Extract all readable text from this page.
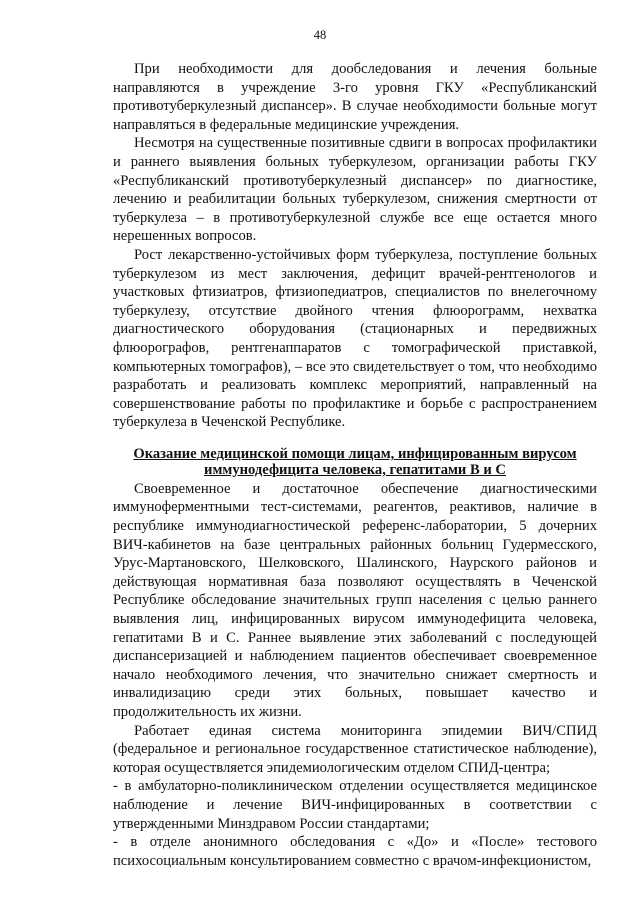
48

При необходимости для дообследования и лечения больные направляются в учреждение 3-го уровня ГКУ «Республиканский противотуберкулезный диспансер». В случае необходимости больные могут направляться в федеральные медицинские учреждения.

Несмотря на существенные позитивные сдвиги в вопросах профилактики и раннего выявления больных туберкулезом, организации работы ГКУ «Республиканский противотуберкулезный диспансер» по диагностике, лечению и реабилитации больных туберкулезом, снижения смертности от туберкулеза – в противотуберкулезной службе все еще остается много нерешенных вопросов.

Рост лекарственно-устойчивых форм туберкулеза, поступление больных туберкулезом из мест заключения, дефицит врачей-рентгенологов и участковых фтизиатров, фтизиопедиатров, специалистов по внелегочному туберкулезу, отсутствие двойного чтения флюорограмм, нехватка диагностического оборудования (стационарных и передвижных флюорографов, рентгенаппаратов с томографической приставкой, компьютерных томографов), – все это свидетельствует о том, что необходимо разработать и реализовать комплекс мероприятий, направленный на совершенствование работы по профилактике и борьбе с распространением туберкулеза в Чеченской Республике.

Оказание медицинской помощи лицам, инфицированным вирусом иммунодефицита человека, гепатитами B и C

Своевременное и достаточное обеспечение диагностическими иммуноферментными тест-системами, реагентов, реактивов, наличие в республике иммунодиагностической референс-лаборатории, 5 дочерних ВИЧ-кабинетов на базе центральных районных больниц Гудермесского, Урус-Мартановского, Шелковского, Шалинского, Наурского районов и действующая нормативная база позволяют осуществлять в Чеченской Республике обследование значительных групп населения с целью раннего выявления лиц, инфицированных вирусом иммунодефицита человека, гепатитами B и C. Раннее выявление этих заболеваний с последующей диспансеризацией и наблюдением пациентов обеспечивает своевременное начало необходимого лечения, что значительно снижает смертность и инвалидизацию среди этих больных, повышает качество и продолжительность их жизни.

Работает единая система мониторинга эпидемии ВИЧ/СПИД (федеральное и региональное государственное статистическое наблюдение), которая осуществляется эпидемиологическим отделом СПИД-центра;

- в амбулаторно-поликлиническом отделении осуществляется медицинское наблюдение и лечение ВИЧ-инфицированных в соответствии с утвержденными Минздравом России стандартами;

- в отделе анонимного обследования с «До» и «После» тестового психосоциальным консультированием совместно с врачом-инфекционистом,
